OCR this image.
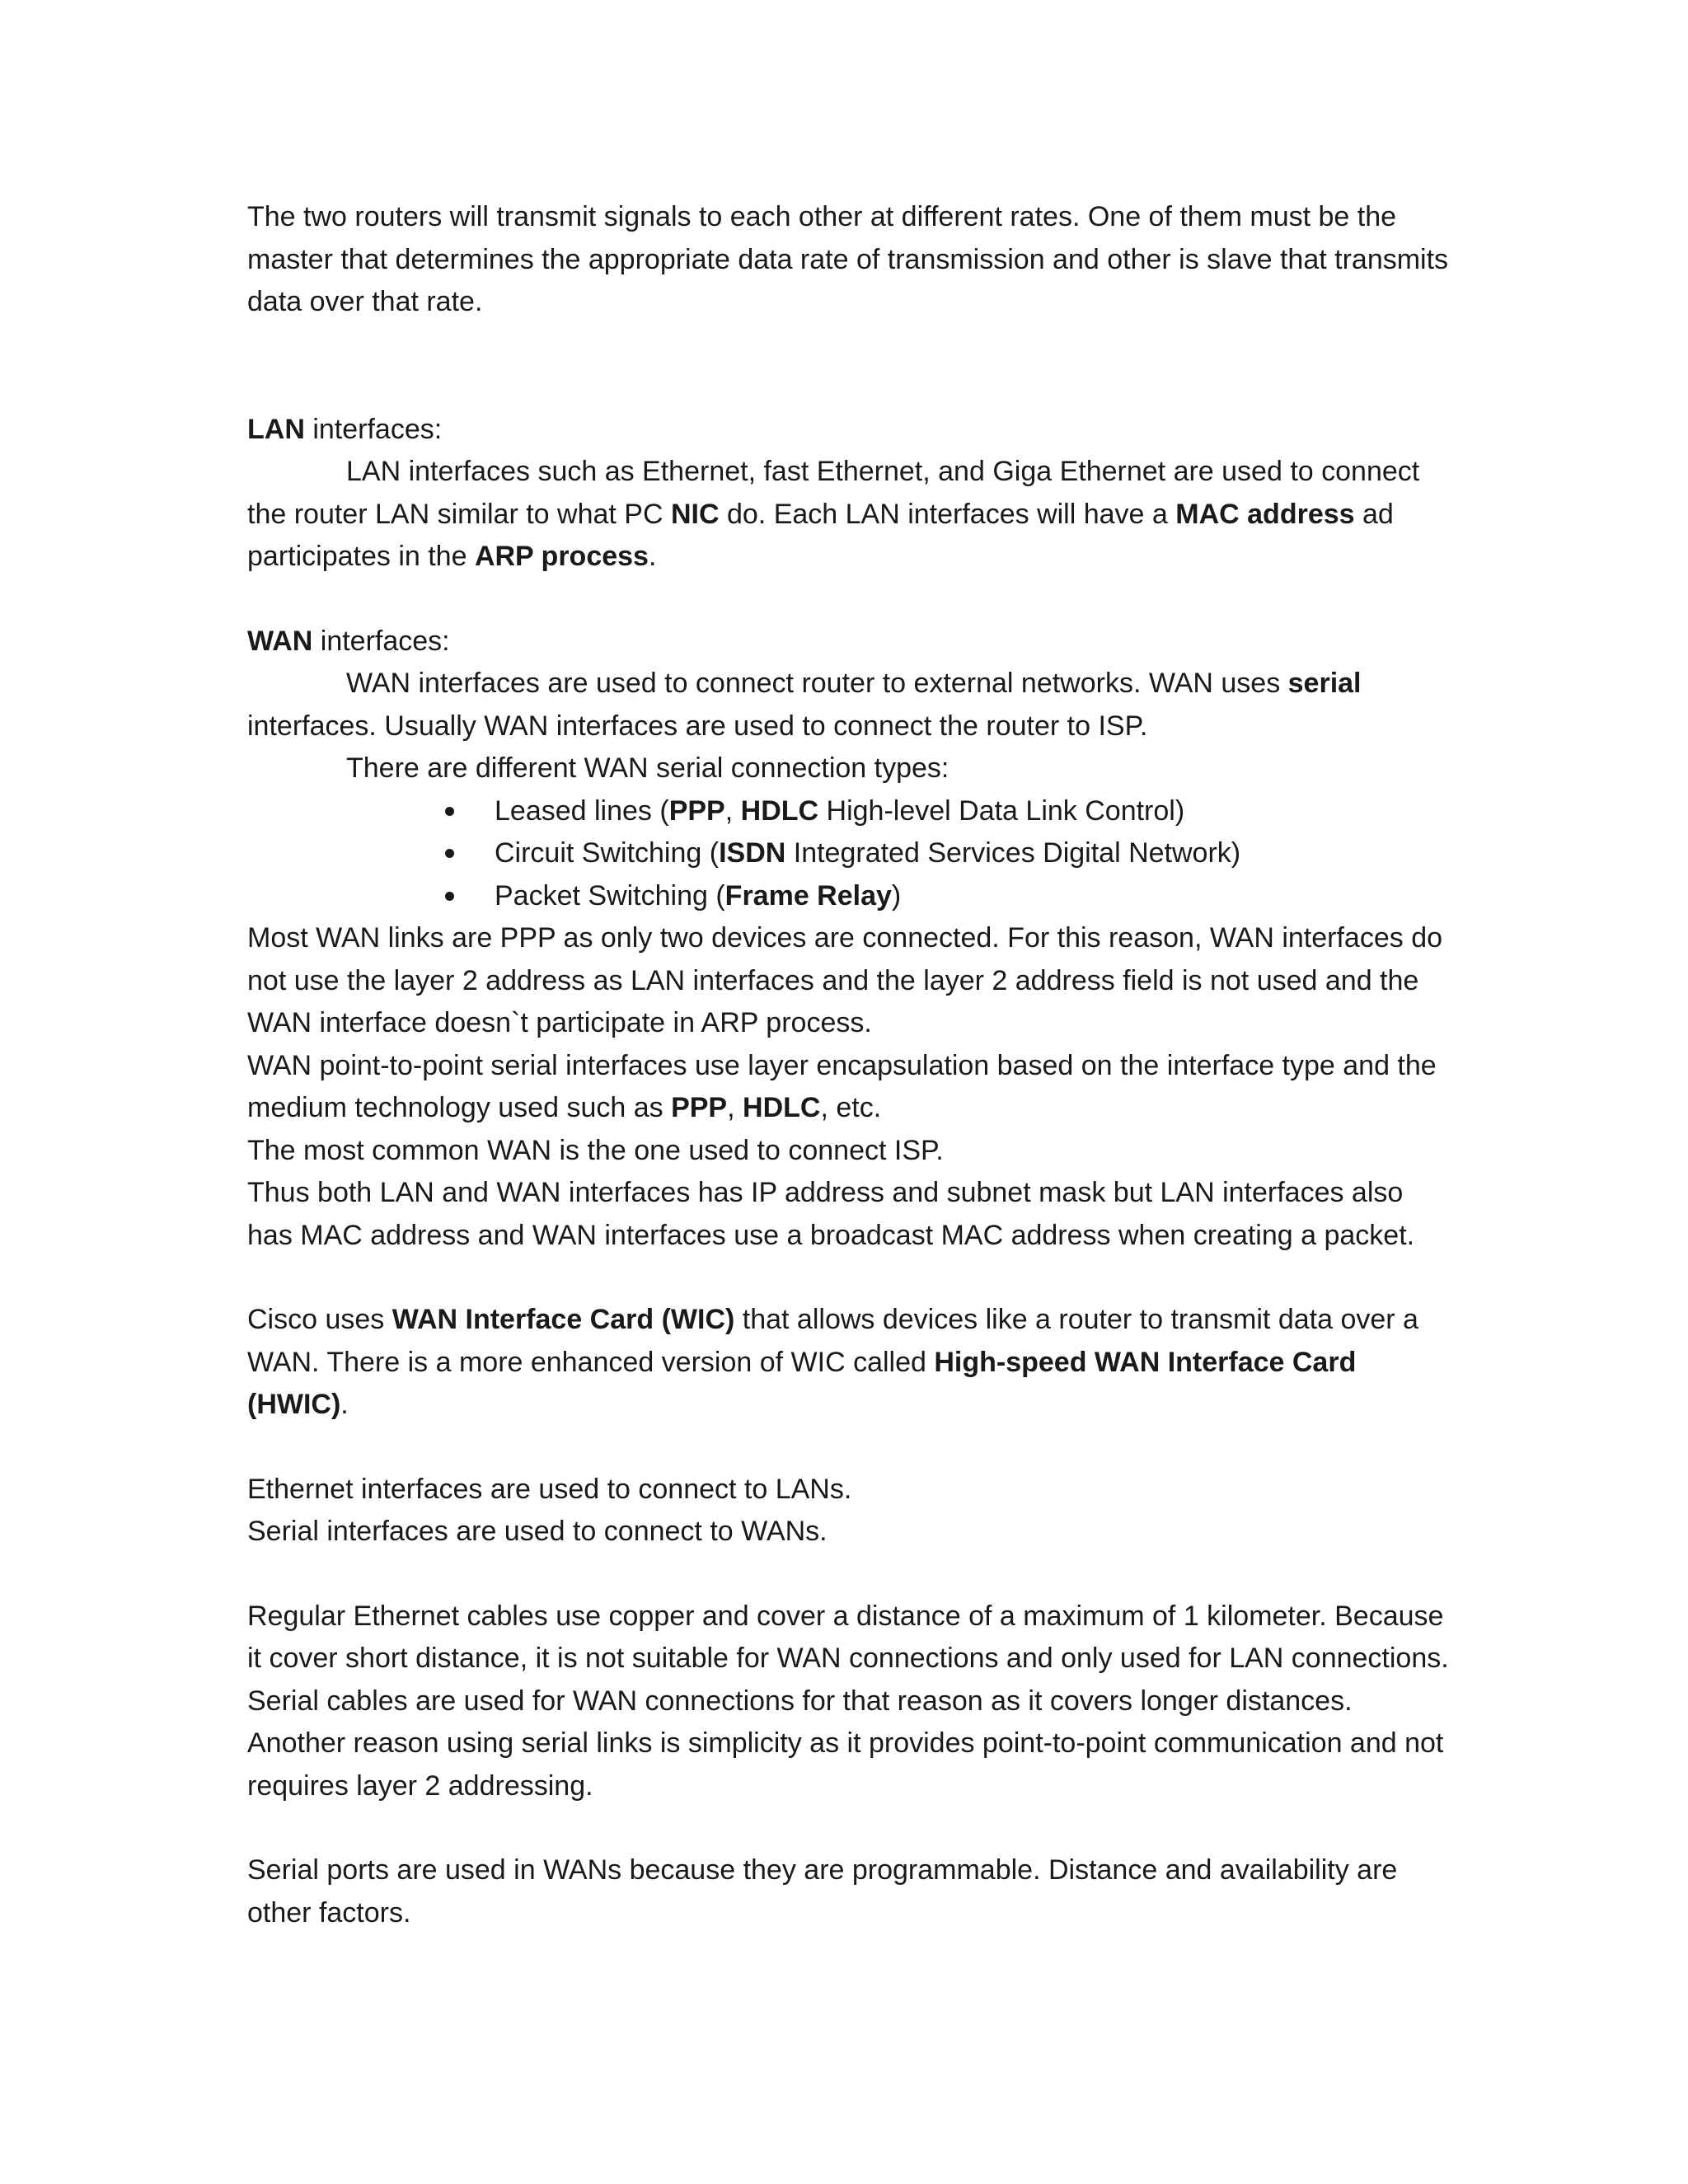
The two routers will transmit signals to each other at different rates. One of them must be the master that determines the appropriate data rate of transmission and other is slave that transmits data over that rate.

LAN interfaces:

LAN interfaces such as Ethernet, fast Ethernet, and Giga Ethernet are used to connect the router LAN similar to what PC NIC do. Each LAN interfaces will have a MAC address ad participates in the ARP process.

WAN interfaces:

WAN interfaces are used to connect router to external networks. WAN uses serial interfaces. Usually WAN interfaces are used to connect the router to ISP.

There are different WAN serial connection types:

Leased lines (PPP, HDLC High-level Data Link Control)
Circuit Switching (ISDN Integrated Services Digital Network)
Packet Switching (Frame Relay)

Most WAN links are PPP as only two devices are connected. For this reason, WAN interfaces do not use the layer 2 address as LAN interfaces and the layer 2 address field is not used and the WAN interface doesn`t participate in ARP process.

WAN point-to-point serial interfaces use layer encapsulation based on the interface type and the medium technology used such as PPP, HDLC, etc.

The most common WAN is the one used to connect ISP.

Thus both LAN and WAN interfaces has IP address and subnet mask but LAN interfaces also has MAC address and WAN interfaces use a broadcast MAC address when creating a packet.

Cisco uses WAN Interface Card (WIC) that allows devices like a router to transmit data over a WAN. There is a more enhanced version of WIC called High-speed WAN Interface Card (HWIC).

Ethernet interfaces are used to connect to LANs.

Serial interfaces are used to connect to WANs.

Regular Ethernet cables use copper and cover a distance of a maximum of 1 kilometer. Because it cover short distance, it is not suitable for WAN connections and only used for LAN connections. Serial cables are used for WAN connections for that reason as it covers longer distances.

Another reason using serial links is simplicity as it provides point-to-point communication and not requires layer 2 addressing.

Serial ports are used in WANs because they are programmable. Distance and availability are other factors.
